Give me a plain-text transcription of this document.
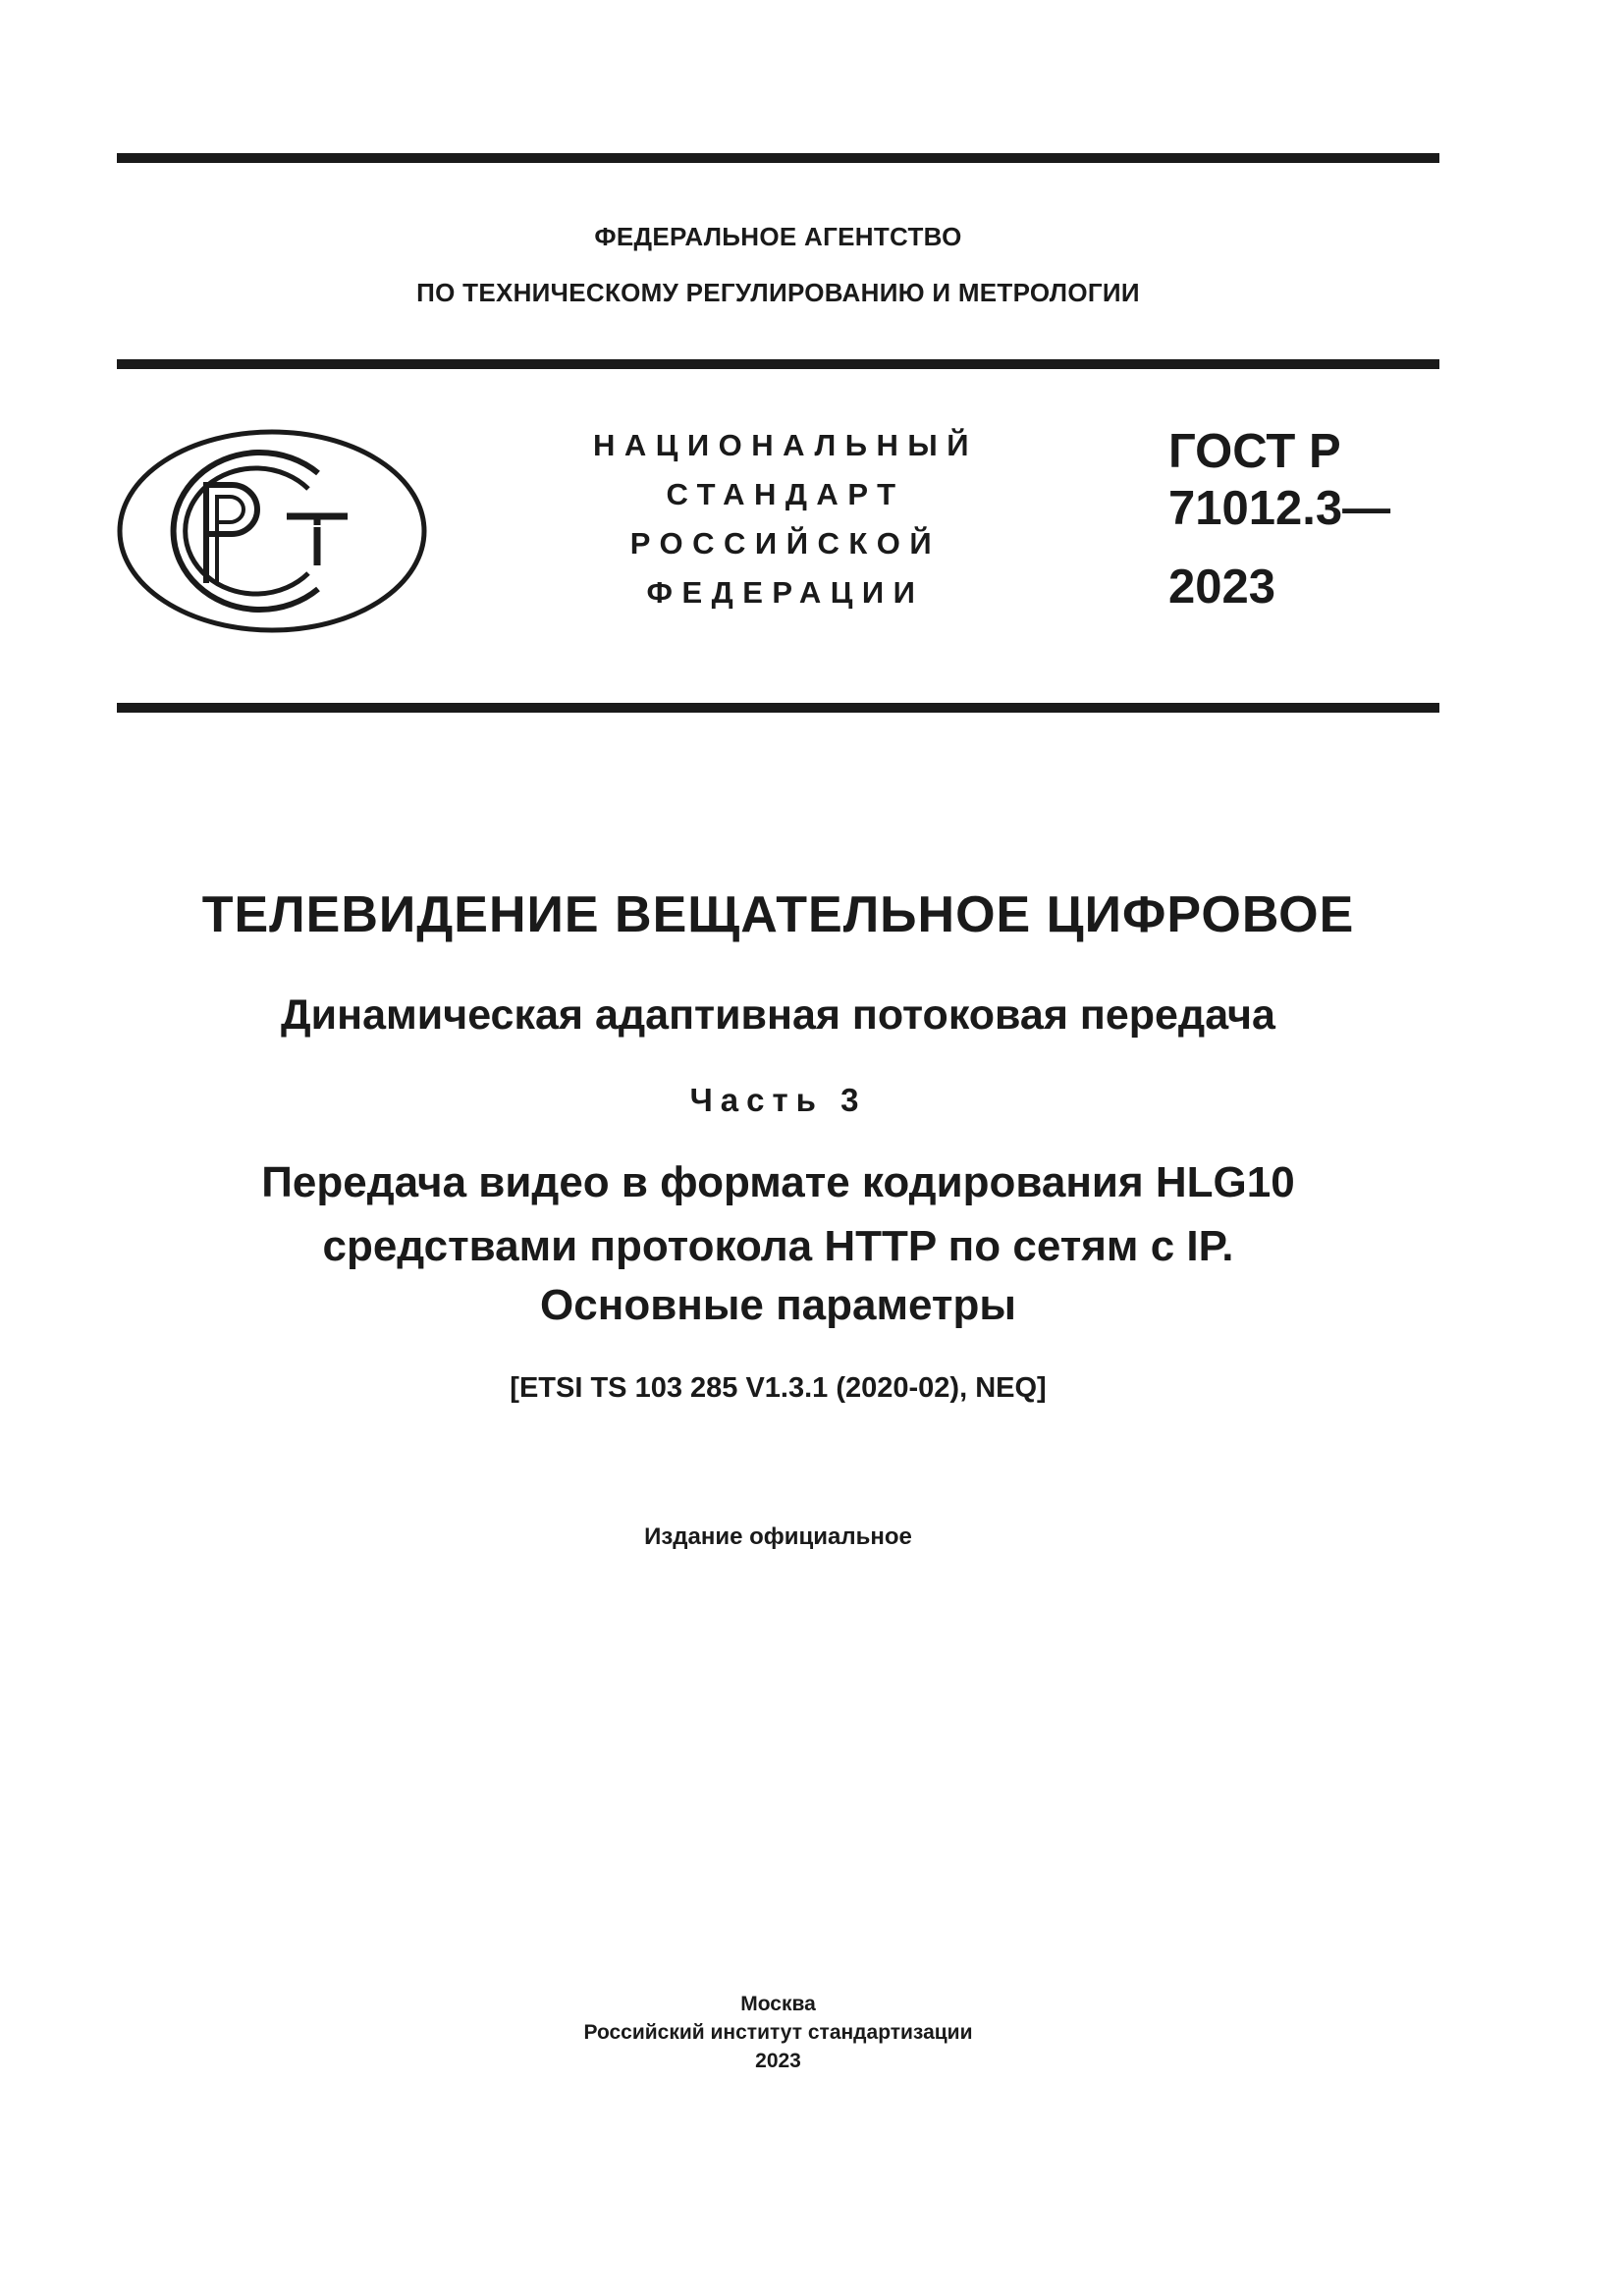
ФЕДЕРАЛЬНОЕ АГЕНТСТВО
ПО ТЕХНИЧЕСКОМУ РЕГУЛИРОВАНИЮ И МЕТРОЛОГИИ
НАЦИОНАЛЬНЫЙ
СТАНДАРТ
РОССИЙСКОЙ
ФЕДЕРАЦИИ
ГОСТ Р
71012.3—
2023
ТЕЛЕВИДЕНИЕ ВЕЩАТЕЛЬНОЕ ЦИФРОВОЕ
Динамическая адаптивная потоковая передача
Часть 3
Передача видео в формате кодирования HLG10
средствами протокола HTTP по сетям с IP.
Основные параметры
[ETSI TS 103 285 V1.3.1 (2020-02), NEQ]
Издание официальное
Москва
Российский институт стандартизации
2023
